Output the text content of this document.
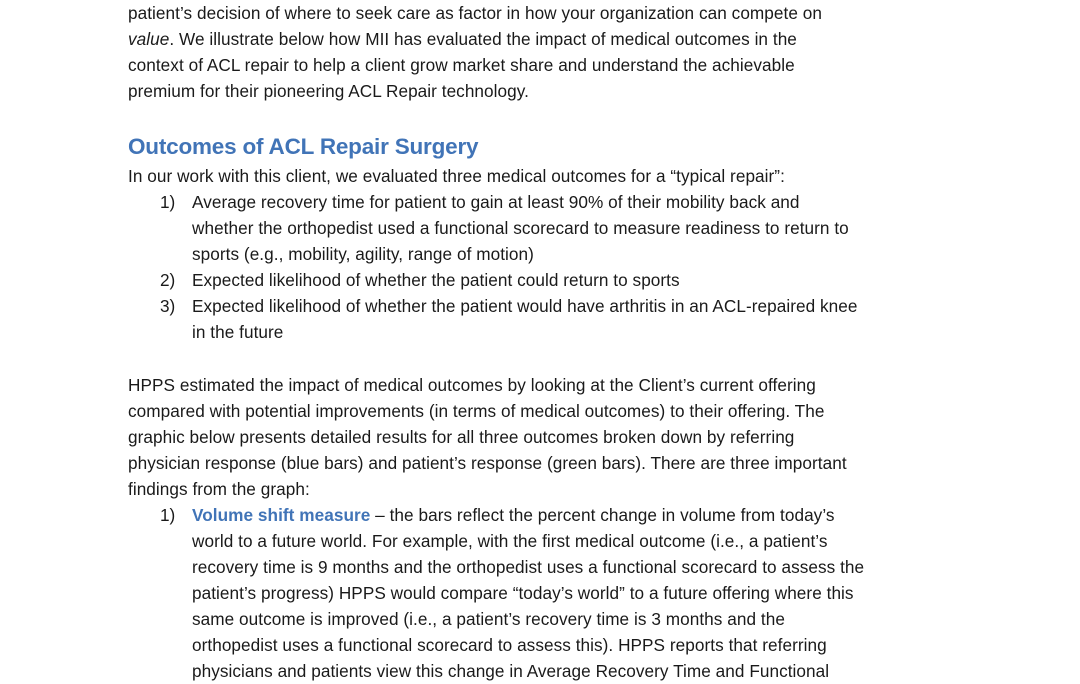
patient’s decision of where to seek care as factor in how your organization can compete on
value. We illustrate below how MII has evaluated the impact of medical outcomes in the
context of ACL repair to help a client grow market share and understand the achievable
premium for their pioneering ACL Repair technology.
Outcomes of ACL Repair Surgery
In our work with this client, we evaluated three medical outcomes for a “typical repair”:
1) Average recovery time for patient to gain at least 90% of their mobility back and
whether the orthopedist used a functional scorecard to measure readiness to return to
sports (e.g., mobility, agility, range of motion)
2) Expected likelihood of whether the patient could return to sports
3) Expected likelihood of whether the patient would have arthritis in an ACL-repaired knee
in the future
HPPS estimated the impact of medical outcomes by looking at the Client’s current offering
compared with potential improvements (in terms of medical outcomes) to their offering. The
graphic below presents detailed results for all three outcomes broken down by referring
physician response (blue bars) and patient’s response (green bars). There are three important
findings from the graph:
1) Volume shift measure – the bars reflect the percent change in volume from today’s
world to a future world. For example, with the first medical outcome (i.e., a patient’s
recovery time is 9 months and the orthopedist uses a functional scorecard to assess the
patient’s progress) HPPS would compare “today’s world” to a future offering where this
same outcome is improved (i.e., a patient’s recovery time is 3 months and the
orthopedist uses a functional scorecard to assess this). HPPS reports that referring
physicians and patients view this change in Average Recovery Time and Functional
